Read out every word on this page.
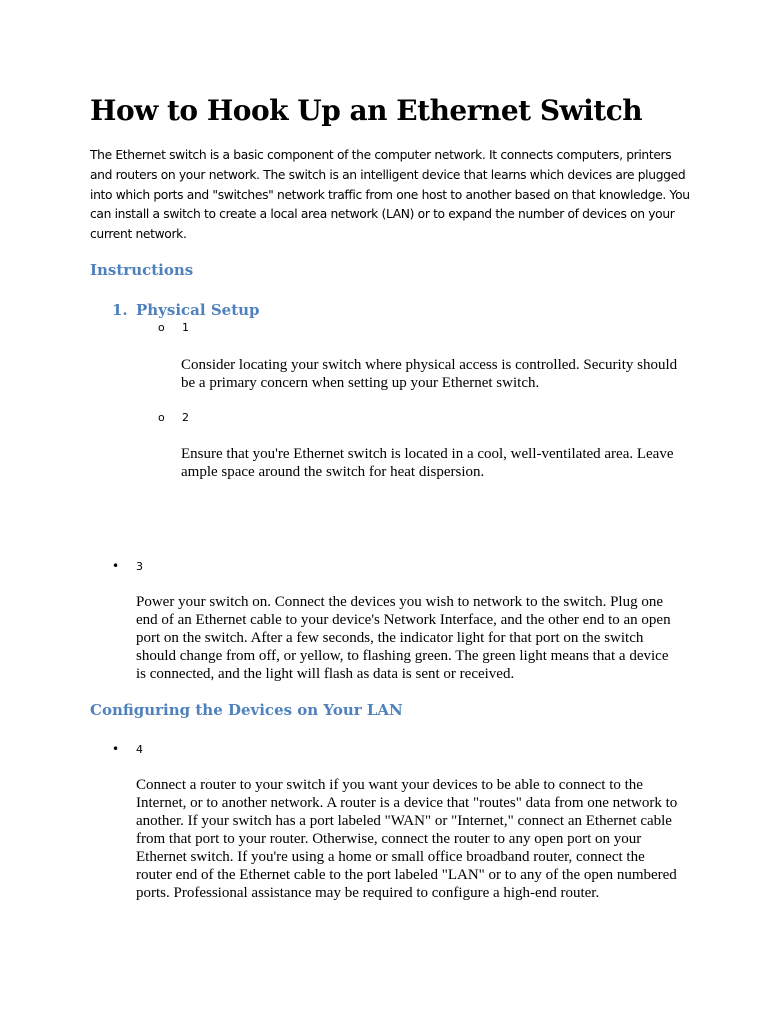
How to Hook Up an Ethernet Switch

The Ethernet switch is a basic component of the computer network. It connects computers, printers and routers on your network. The switch is an intelligent device that learns which devices are plugged into which ports and "switches" network traffic from one host to another based on that knowledge. You can install a switch to create a local area network (LAN) or to expand the number of devices on your current network.

Instructions
1. Physical Setup
o 1

Consider locating your switch where physical access is controlled. Security should be a primary concern when setting up your Ethernet switch.

o 2

Ensure that you're Ethernet switch is located in a cool, well-ventilated area. Leave ample space around the switch for heat dispersion.

• 3

Power your switch on. Connect the devices you wish to network to the switch. Plug one end of an Ethernet cable to your device's Network Interface, and the other end to an open port on the switch. After a few seconds, the indicator light for that port on the switch should change from off, or yellow, to flashing green. The green light means that a device is connected, and the light will flash as data is sent or received.

Configuring the Devices on Your LAN
• 4

Connect a router to your switch if you want your devices to be able to connect to the Internet, or to another network. A router is a device that "routes" data from one network to another. If your switch has a port labeled "WAN" or "Internet," connect an Ethernet cable from that port to your router. Otherwise, connect the router to any open port on your Ethernet switch. If you're using a home or small office broadband router, connect the router end of the Ethernet cable to the port labeled "LAN" or to any of the open numbered ports. Professional assistance may be required to configure a high-end router.
